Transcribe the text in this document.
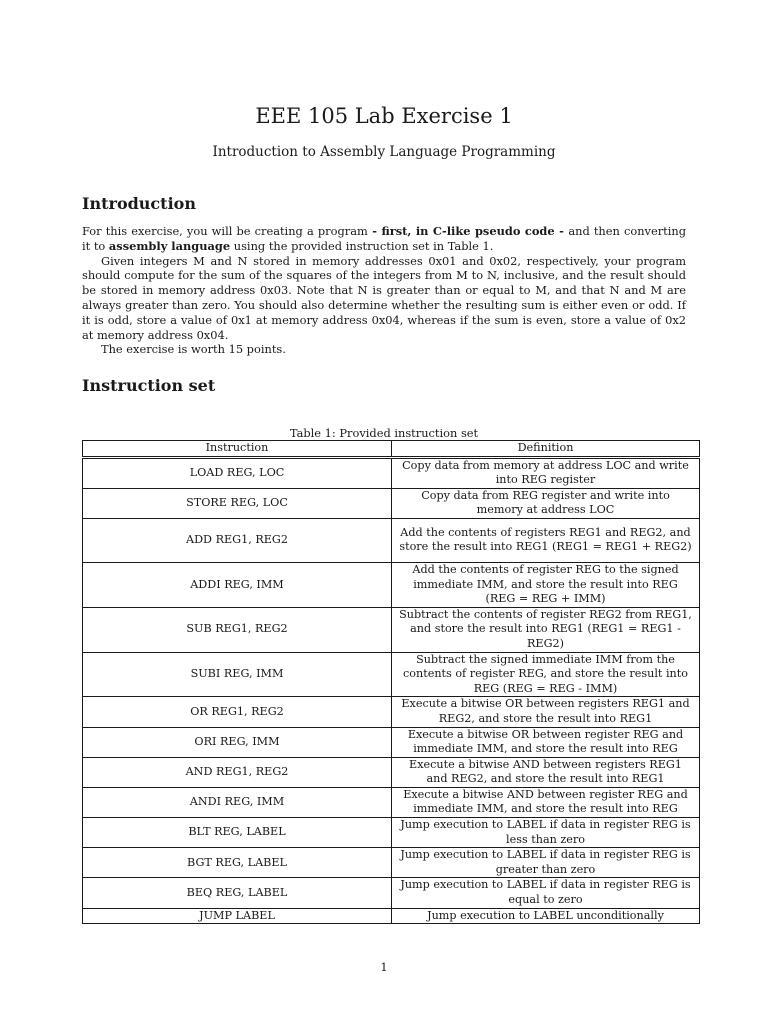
EEE 105 Lab Exercise 1
Introduction to Assembly Language Programming
Introduction

For this exercise, you will be creating a program - first, in C-like pseudo code - and then converting it to assembly language using the provided instruction set in Table 1.

Given integers M and N stored in memory addresses 0x01 and 0x02, respectively, your program should compute for the sum of the squares of the integers from M to N, inclusive, and the result should be stored in memory address 0x03. Note that N is greater than or equal to M, and that N and M are always greater than zero. You should also determine whether the resulting sum is either even or odd. If it is odd, store a value of 0x1 at memory address 0x04, whereas if the sum is even, store a value of 0x2 at memory address 0x04.

The exercise is worth 15 points.

Instruction set
Table 1: Provided instruction set
Instruction	Definition
LOAD REG, LOC	Copy data from memory at address LOC and write into REG register
STORE REG, LOC	Copy data from REG register and write into memory at address LOC
ADD REG1, REG2	Add the contents of registers REG1 and REG2, and store the result into REG1 (REG1 = REG1 + REG2)
ADDI REG, IMM	Add the contents of register REG to the signed immediate IMM, and store the result into REG (REG = REG + IMM)
SUB REG1, REG2	Subtract the contents of register REG2 from REG1, and store the result into REG1 (REG1 = REG1 - REG2)
SUBI REG, IMM	Subtract the signed immediate IMM from the contents of register REG, and store the result into REG (REG = REG - IMM)
OR REG1, REG2	Execute a bitwise OR between registers REG1 and REG2, and store the result into REG1
ORI REG, IMM	Execute a bitwise OR between register REG and immediate IMM, and store the result into REG
AND REG1, REG2	Execute a bitwise AND between registers REG1 and REG2, and store the result into REG1
ANDI REG, IMM	Execute a bitwise AND between register REG and immediate IMM, and store the result into REG
BLT REG, LABEL	Jump execution to LABEL if data in register REG is less than zero
BGT REG, LABEL	Jump execution to LABEL if data in register REG is greater than zero
BEQ REG, LABEL	Jump execution to LABEL if data in register REG is equal to zero
JUMP LABEL	Jump execution to LABEL unconditionally
1
